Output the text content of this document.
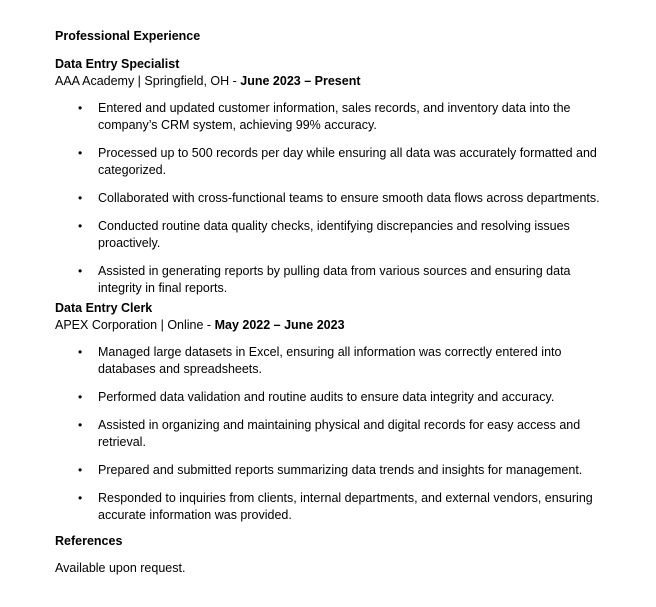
Professional Experience

Data Entry Specialist

AAA Academy | Springfield, OH - June 2023 – Present

• Entered and updated customer information, sales records, and inventory data into the company’s CRM system, achieving 99% accuracy.
• Processed up to 500 records per day while ensuring all data was accurately formatted and categorized.
• Collaborated with cross-functional teams to ensure smooth data flows across departments.
• Conducted routine data quality checks, identifying discrepancies and resolving issues proactively.
• Assisted in generating reports by pulling data from various sources and ensuring data integrity in final reports.

Data Entry Clerk

APEX Corporation | Online - May 2022 – June 2023

• Managed large datasets in Excel, ensuring all information was correctly entered into databases and spreadsheets.
• Performed data validation and routine audits to ensure data integrity and accuracy.
• Assisted in organizing and maintaining physical and digital records for easy access and retrieval.
• Prepared and submitted reports summarizing data trends and insights for management.
• Responded to inquiries from clients, internal departments, and external vendors, ensuring accurate information was provided.

References

Available upon request.
